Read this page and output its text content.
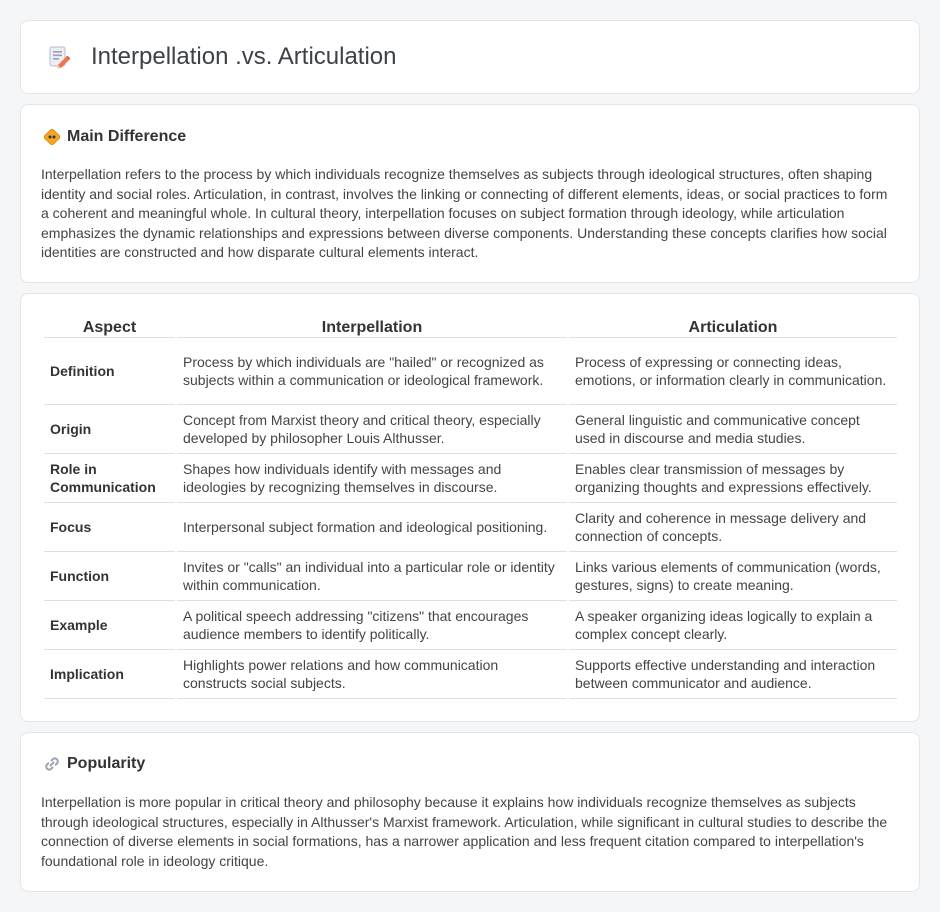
Interpellation .vs. Articulation
Main Difference

Interpellation refers to the process by which individuals recognize themselves as subjects through ideological structures, often shaping identity and social roles. Articulation, in contrast, involves the linking or connecting of different elements, ideas, or social practices to form a coherent and meaningful whole. In cultural theory, interpellation focuses on subject formation through ideology, while articulation emphasizes the dynamic relationships and expressions between diverse components. Understanding these concepts clarifies how social identities are constructed and how disparate cultural elements interact.

Aspect	Interpellation	Articulation
Definition	Process by which individuals are "hailed" or recognized as subjects within a communication or ideological framework.	Process of expressing or connecting ideas, emotions, or information clearly in communication.
Origin	Concept from Marxist theory and critical theory, especially developed by philosopher Louis Althusser.	General linguistic and communicative concept used in discourse and media studies.
Role in Communication	Shapes how individuals identify with messages and ideologies by recognizing themselves in discourse.	Enables clear transmission of messages by organizing thoughts and expressions effectively.
Focus	Interpersonal subject formation and ideological positioning.	Clarity and coherence in message delivery and connection of concepts.
Function	Invites or "calls" an individual into a particular role or identity within communication.	Links various elements of communication (words, gestures, signs) to create meaning.
Example	A political speech addressing "citizens" that encourages audience members to identify politically.	A speaker organizing ideas logically to explain a complex concept clearly.
Implication	Highlights power relations and how communication constructs social subjects.	Supports effective understanding and interaction between communicator and audience.
Popularity

Interpellation is more popular in critical theory and philosophy because it explains how individuals recognize themselves as subjects through ideological structures, especially in Althusser's Marxist framework. Articulation, while significant in cultural studies to describe the connection of diverse elements in social formations, has a narrower application and less frequent citation compared to interpellation's foundational role in ideology critique.
